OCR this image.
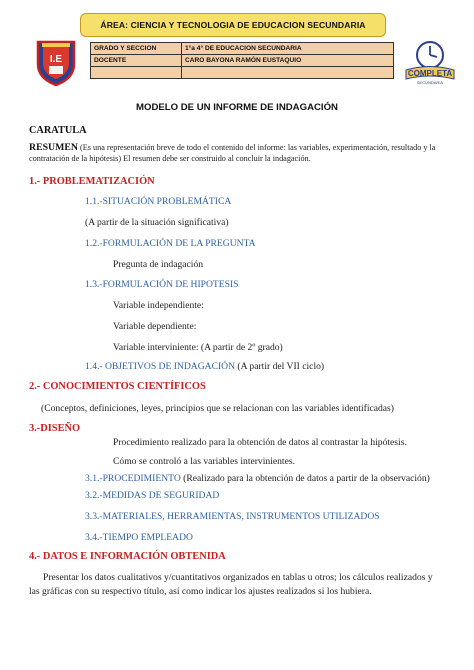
ÁREA: CIENCIA Y TECNOLOGIA DE EDUCACION SECUNDARIA
I.E
GRADO Y SECCION	1°a 4° DE EDUCACION SECUNDARIA
DOCENTE	CARO BAYONA RAMÓN EUSTAQUIO

COMPLETA
SECUNDARIA
MODELO DE UN INFORME DE INDAGACIÓN
CARATULA
RESUMEN (Es una representación breve de todo el contenido del informe: las variables, experimentación, resultado y la contratación de la hipótesis) El resumen debe ser construido al concluir la indagación.
1.- PROBLEMATIZACIÓN
1.1.-SITUACIÓN PROBLEMÁTICA
(A partir de la situación significativa)
1.2.-FORMULACIÓN DE LA PREGUNTA
Pregunta de indagación
1.3.-FORMULACIÓN DE HIPOTESIS
Variable independiente:
Variable dependiente:
Variable interviniente: (A partir de 2º grado)
1.4.- OBJETIVOS DE INDAGACIÓN (A partir del VII ciclo)
2.- CONOCIMIENTOS CIENTÍFICOS
(Conceptos, definiciones, leyes, principios que se relacionan con las variables identificadas)
3.-DISEÑO
Procedimiento realizado para la obtención de datos al contrastar la hipótesis.
Cómo se controló a las variables intervinientes.
3.1.-PROCEDIMIENTO (Realizado para la obtención de datos a partir de la observación)
3.2.-MEDIDAS DE SEGURIDAD
3.3.-MATERIALES, HERRAMIENTAS, INSTRUMENTOS UTILIZADOS
3.4.-TIEMPO EMPLEADO
4.- DATOS E INFORMACIÓN OBTENIDA
Presentar los datos cualitativos y/cuantitativos organizados en tablas u otros; los cálculos realizados y las gráficas con su respectivo título, así como indicar los ajustes realizados si los hubiera.
